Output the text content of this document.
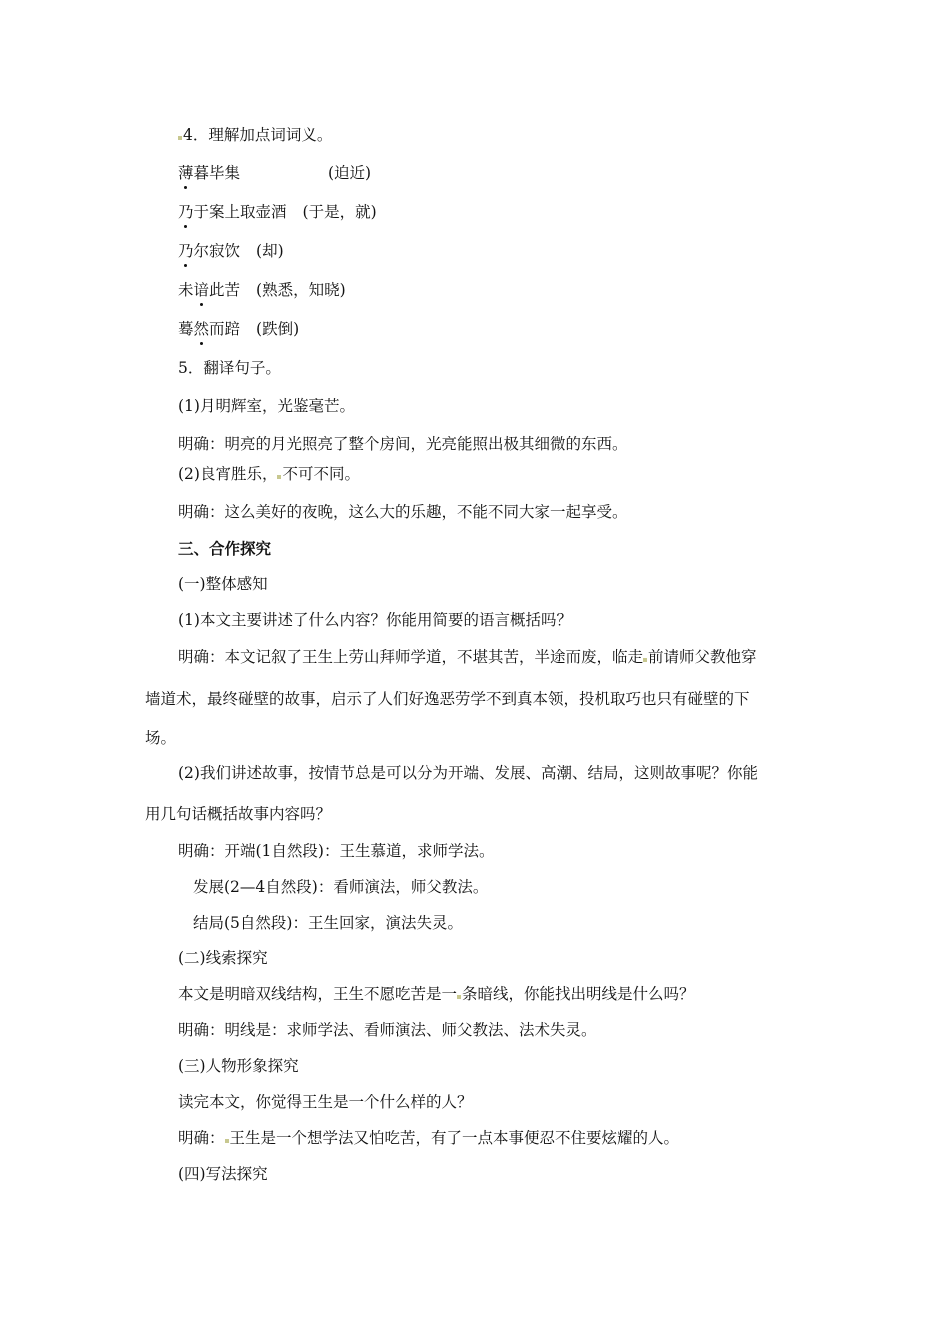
4．理解加点词词义。
薄暮毕集	(迫近)
乃于案上取壶酒 (于是，就)
乃尔寂饮 (却)
未谙此苦 (熟悉，知晓)
蓦然而踣 (跌倒)
5．翻译句子。
(1)月明辉室，光鉴毫芒。
明确：明亮的月光照亮了整个房间，光亮能照出极其细微的东西。
(2)良宵胜乐， 不可不同。
明确：这么美好的夜晚，这么大的乐趣，不能不同大家一起享受。
三、合作探究
(一)整体感知
(1)本文主要讲述了什么内容？你能用简要的语言概括吗？
明确：本文记叙了王生上劳山拜师学道，不堪其苦，半途而废，临走 前请师父教他穿
墙道术，最终碰壁的故事，启示了人们好逸恶劳学不到真本领，投机取巧也只有碰壁的下
场。
(2)我们讲述故事，按情节总是可以分为开端、发展、高潮、结局，这则故事呢？你能
用几句话概括故事内容吗？
明确：开端(1自然段)：王生慕道，求师学法。
发展(2—4自然段)：看师演法，师父教法。
结局(5自然段)：王生回家，演法失灵。
(二)线索探究
本文是明暗双线结构，王生不愿吃苦是一 条暗线，你能找出明线是什么吗？
明确：明线是：求师学法、看师演法、师父教法、法术失灵。
(三)人物形象探究
读完本文，你觉得王生是一个什么样的人？
明确： 王生是一个想学法又怕吃苦，有了一点本事便忍不住要炫耀的人。
(四)写法探究
